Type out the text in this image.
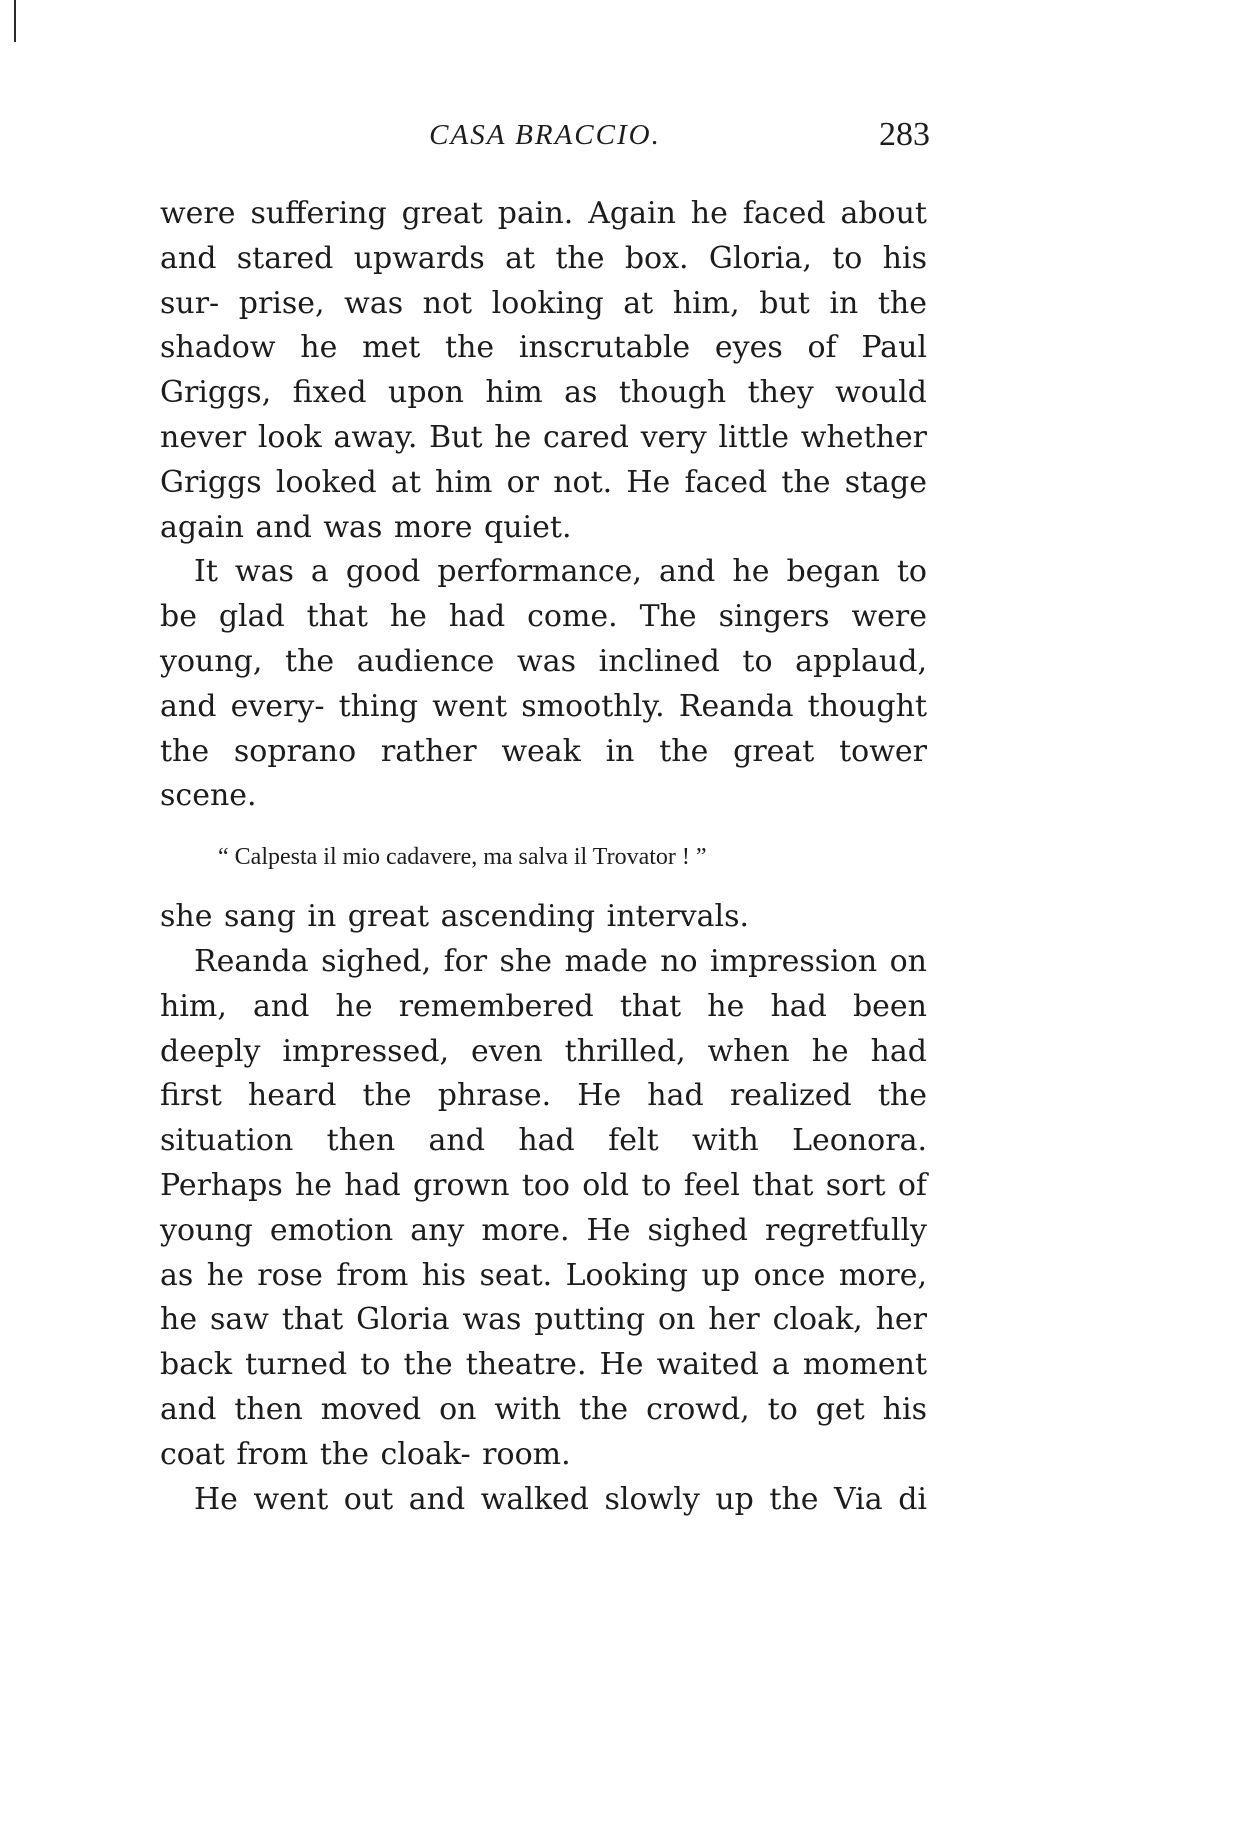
CASA BRACCIO.	283

were suffering great pain. Again he faced about and stared upwards at the box. Gloria, to his sur- prise, was not looking at him, but in the shadow he met the inscrutable eyes of Paul Griggs, fixed upon him as though they would never look away. But he cared very little whether Griggs looked at him or not. He faced the stage again and was more quiet.

It was a good performance, and he began to be glad that he had come. The singers were young, the audience was inclined to applaud, and every- thing went smoothly. Reanda thought the soprano rather weak in the great tower scene.

“ Calpesta il mio cadavere, ma salva il Trovator ! ”

she sang in great ascending intervals.

Reanda sighed, for she made no impression on him, and he remembered that he had been deeply impressed, even thrilled, when he had first heard the phrase. He had realized the situation then and had felt with Leonora. Perhaps he had grown too old to feel that sort of young emotion any more. He sighed regretfully as he rose from his seat. Looking up once more, he saw that Gloria was putting on her cloak, her back turned to the theatre. He waited a moment and then moved on with the crowd, to get his coat from the cloak- room.

He went out and walked slowly up the Via di
